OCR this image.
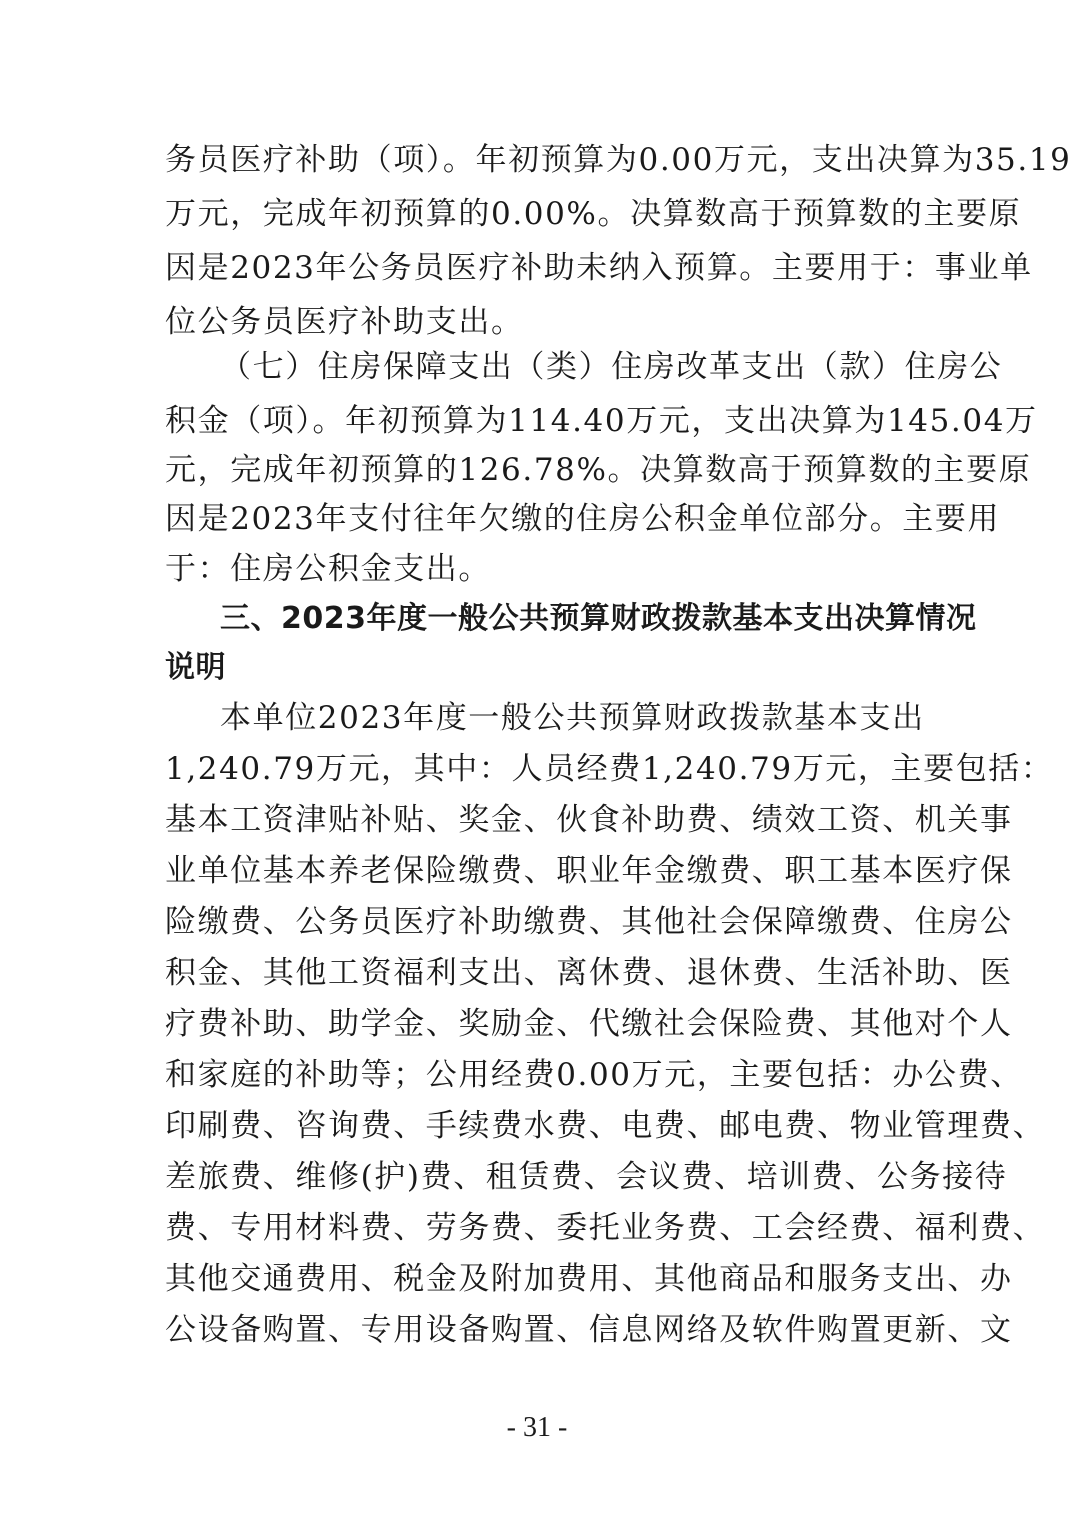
务员医疗补助（项）。年初预算为0.00万元，支出决算为35.19
万元，完成年初预算的0.00%。决算数高于预算数的主要原
因是2023年公务员医疗补助未纳入预算。主要用于：事业单
位公务员医疗补助支出。
（七）住房保障支出（类）住房改革支出（款）住房公
积金（项）。年初预算为114.40万元，支出决算为145.04万
元，完成年初预算的126.78%。决算数高于预算数的主要原
因是2023年支付往年欠缴的住房公积金单位部分。主要用
于：住房公积金支出。
三、2023年度一般公共预算财政拨款基本支出决算情况
说明
本单位2023年度一般公共预算财政拨款基本支出
1,240.79万元，其中：人员经费1,240.79万元，主要包括：
基本工资津贴补贴、奖金、伙食补助费、绩效工资、机关事
业单位基本养老保险缴费、职业年金缴费、职工基本医疗保
险缴费、公务员医疗补助缴费、其他社会保障缴费、住房公
积金、其他工资福利支出、离休费、退休费、生活补助、医
疗费补助、助学金、奖励金、代缴社会保险费、其他对个人
和家庭的补助等；公用经费0.00万元，主要包括：办公费、
印刷费、咨询费、手续费水费、电费、邮电费、物业管理费、
差旅费、维修(护)费、租赁费、会议费、培训费、公务接待
费、专用材料费、劳务费、委托业务费、工会经费、福利费、
其他交通费用、税金及附加费用、其他商品和服务支出、办
公设备购置、专用设备购置、信息网络及软件购置更新、文
- 31 -
